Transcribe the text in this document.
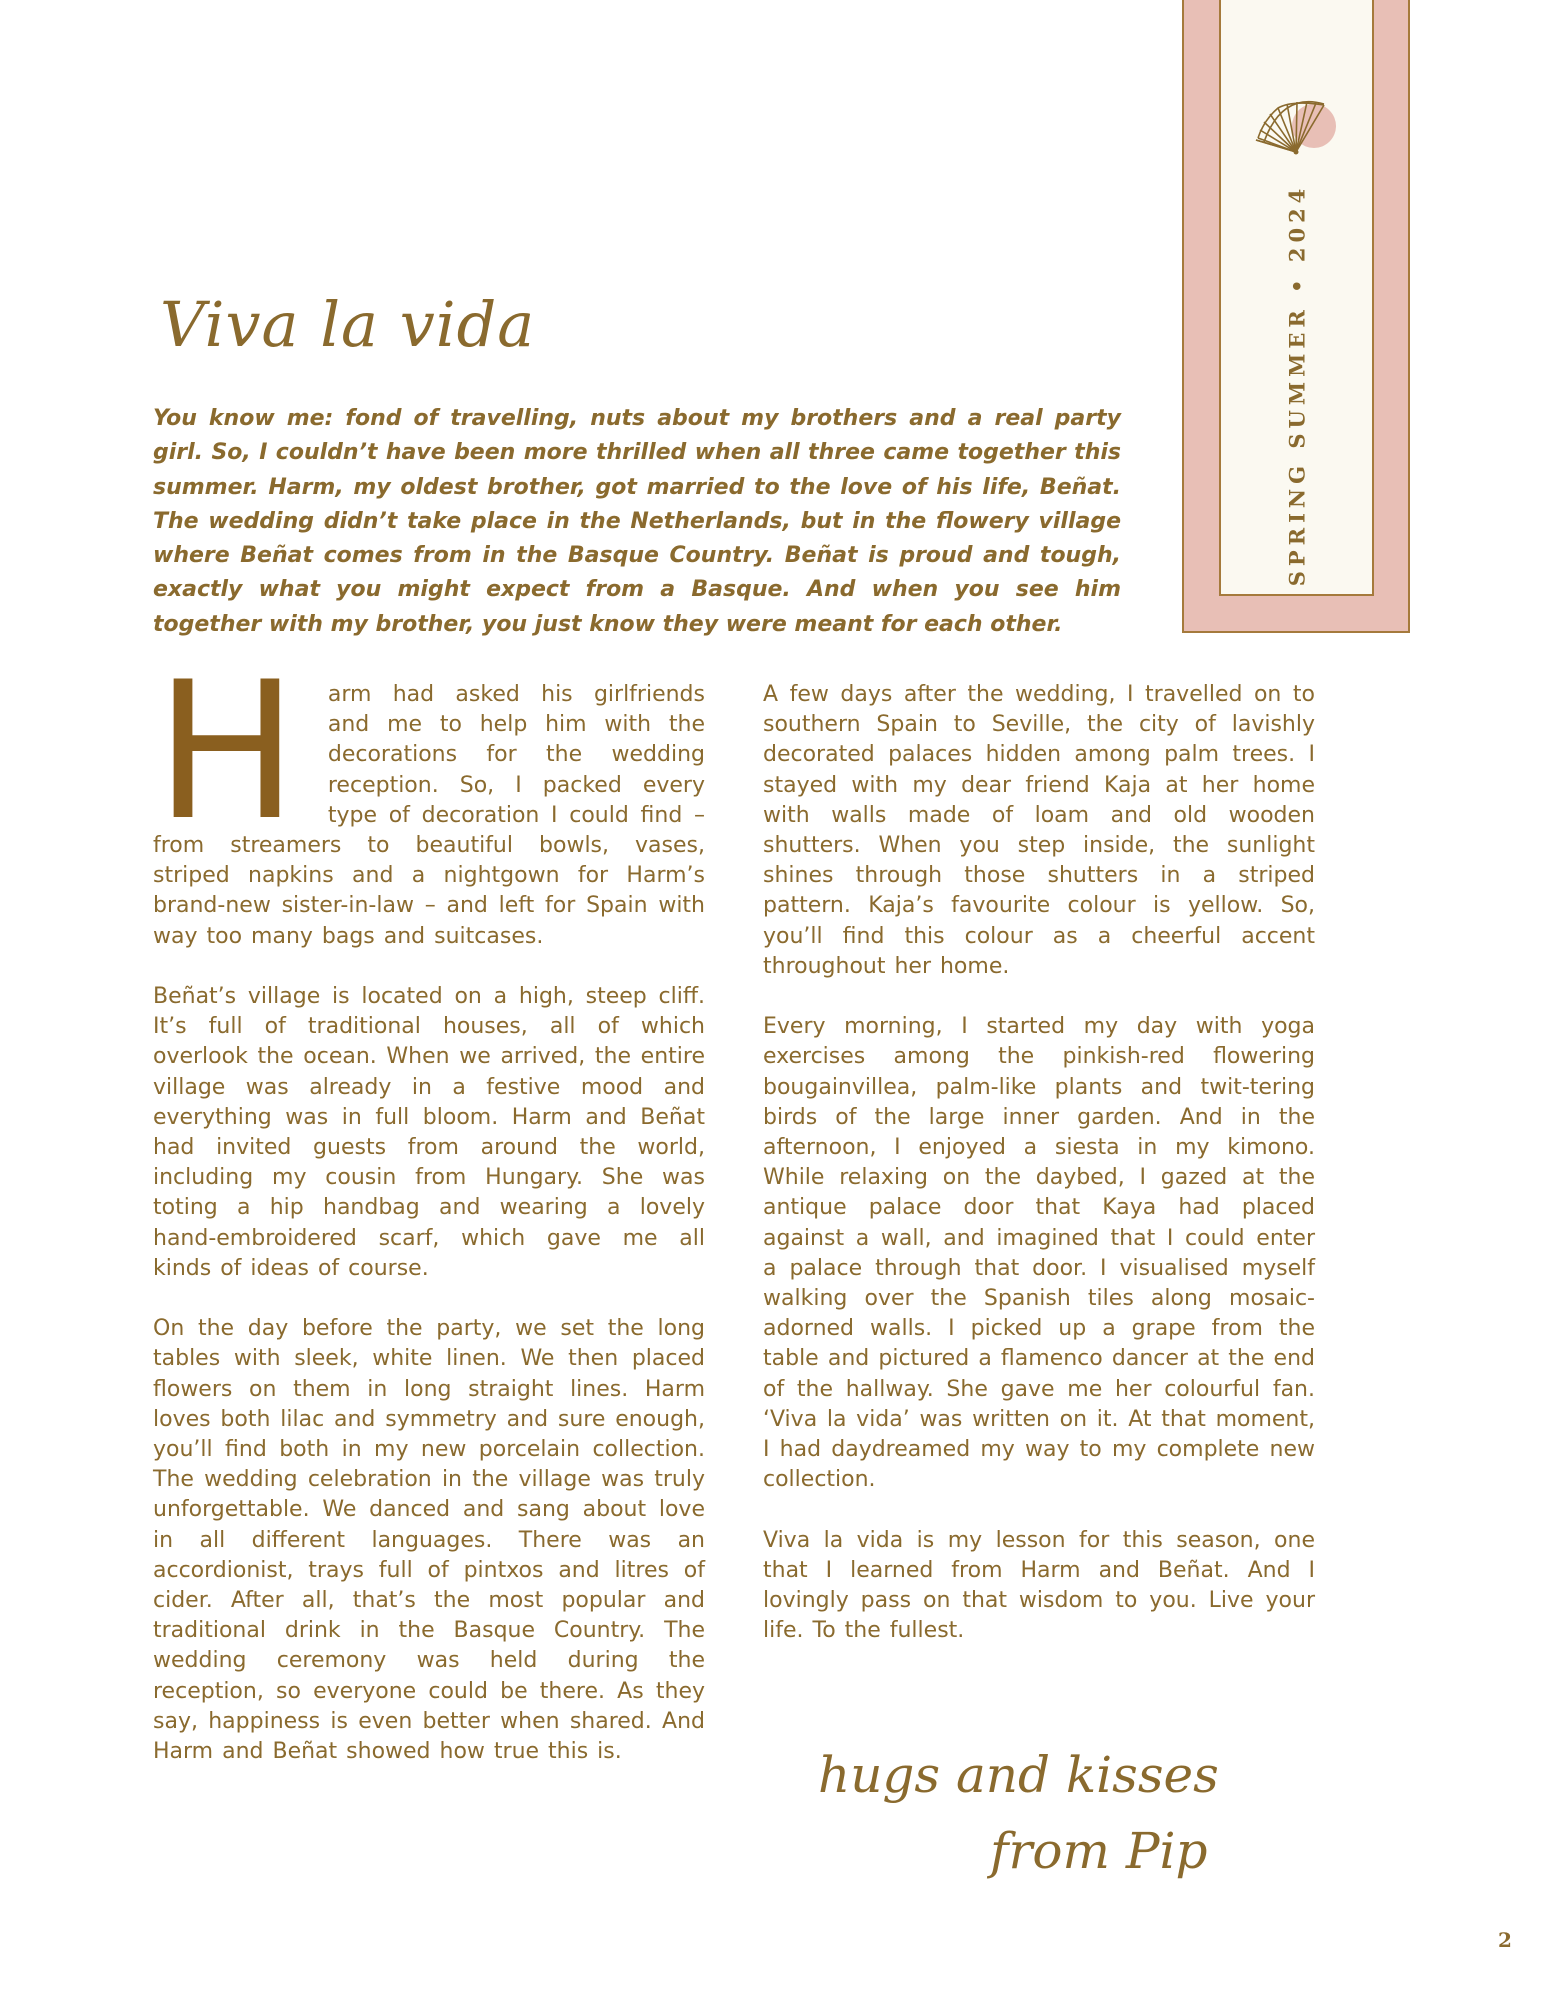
SPRING SUMMER • 2024
Viva la vida

You know me: fond of travelling, nuts about my brothers and a real party girl. So, I couldn’t have been more thrilled when all three came together this summer. Harm, my oldest brother, got married to the love of his life, Beñat. The wedding didn’t take place in the Netherlands, but in the flowery village where Beñat comes from in the Basque Country. Beñat is proud and tough, exactly what you might expect from a Basque. And when you see him together with my brother, you just know they were meant for each other.

H arm had asked his girlfriends and me to help him with the decorations for the wedding reception. So, I packed every type of decoration I could find – from streamers to beautiful bowls, vases, striped napkins and a nightgown for Harm’s brand-new sister-in-law – and left for Spain with way too many bags and suitcases.

Beñat’s village is located on a high, steep cliff. It’s full of traditional houses, all of which overlook the ocean. When we arrived, the entire village was already in a festive mood and everything was in full bloom. Harm and Beñat had invited guests from around the world, including my cousin from Hungary. She was toting a hip handbag and wearing a lovely hand-embroidered scarf, which gave me all kinds of ideas of course.

On the day before the party, we set the long tables with sleek, white linen. We then placed flowers on them in long straight lines. Harm loves both lilac and symmetry and sure enough, you’ll find both in my new porcelain collection. The wedding celebration in the village was truly unforgettable. We danced and sang about love in all different languages. There was an accordionist, trays full of pintxos and litres of cider. After all, that’s the most popular and traditional drink in the Basque Country. The wedding ceremony was held during the reception, so everyone could be there. As they say, happiness is even better when shared. And Harm and Beñat showed how true this is.

A few days after the wedding, I travelled on to southern Spain to Seville, the city of lavishly decorated palaces hidden among palm trees. I stayed with my dear friend Kaja at her home with walls made of loam and old wooden shutters. When you step inside, the sunlight shines through those shutters in a striped pattern. Kaja’s favourite colour is yellow. So, you’ll find this colour as a cheerful accent throughout her home.

Every morning, I started my day with yoga exercises among the pinkish-red flowering bougainvillea, palm-like plants and twit-tering birds of the large inner garden. And in the afternoon, I enjoyed a siesta in my kimono. While relaxing on the daybed, I gazed at the antique palace door that Kaya had placed against a wall, and imagined that I could enter a palace through that door. I visualised myself walking over the Spanish tiles along mosaic-adorned walls. I picked up a grape from the table and pictured a flamenco dancer at the end of the hallway. She gave me her colourful fan. ‘Viva la vida’ was written on it. At that moment, I had daydreamed my way to my complete new collection.

Viva la vida is my lesson for this season, one that I learned from Harm and Beñat. And I lovingly pass on that wisdom to you. Live your life. To the fullest.

hugs and kisses
from Pip
2
